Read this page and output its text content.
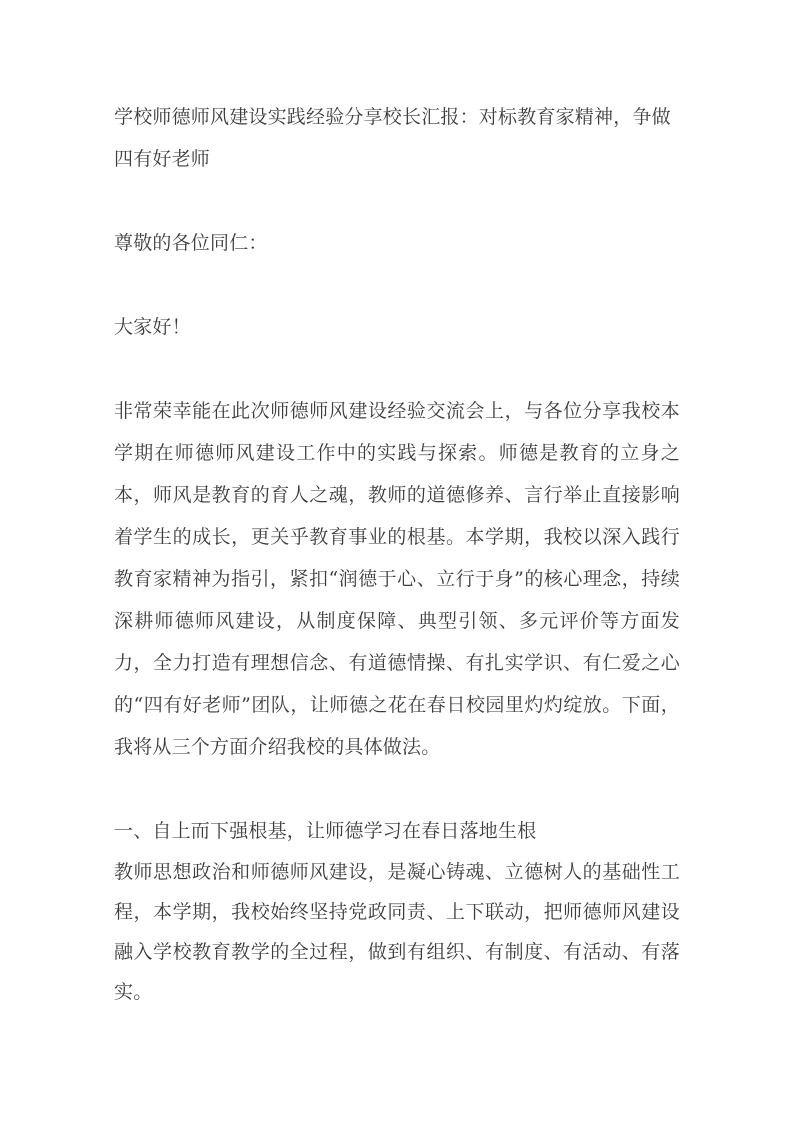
学校师德师风建设实践经验分享校长汇报：对标教育家精神，争做四有好老师

尊敬的各位同仁：

大家好！

非常荣幸能在此次师德师风建设经验交流会上，与各位分享我校本学期在师德师风建设工作中的实践与探索。师德是教育的立身之本，师风是教育的育人之魂，教师的道德修养、言行举止直接影响着学生的成长，更关乎教育事业的根基。本学期，我校以深入践行教育家精神为指引，紧扣“润德于心、立行于身”的核心理念，持续深耕师德师风建设，从制度保障、典型引领、多元评价等方面发力，全力打造有理想信念、有道德情操、有扎实学识、有仁爱之心的“四有好老师”团队，让师德之花在春日校园里灼灼绽放。下面，我将从三个方面介绍我校的具体做法。

一、自上而下强根基，让师德学习在春日落地生根

教师思想政治和师德师风建设，是凝心铸魂、立德树人的基础性工程，本学期，我校始终坚持党政同责、上下联动，把师德师风建设融入学校教育教学的全过程，做到有组织、有制度、有活动、有落实。
